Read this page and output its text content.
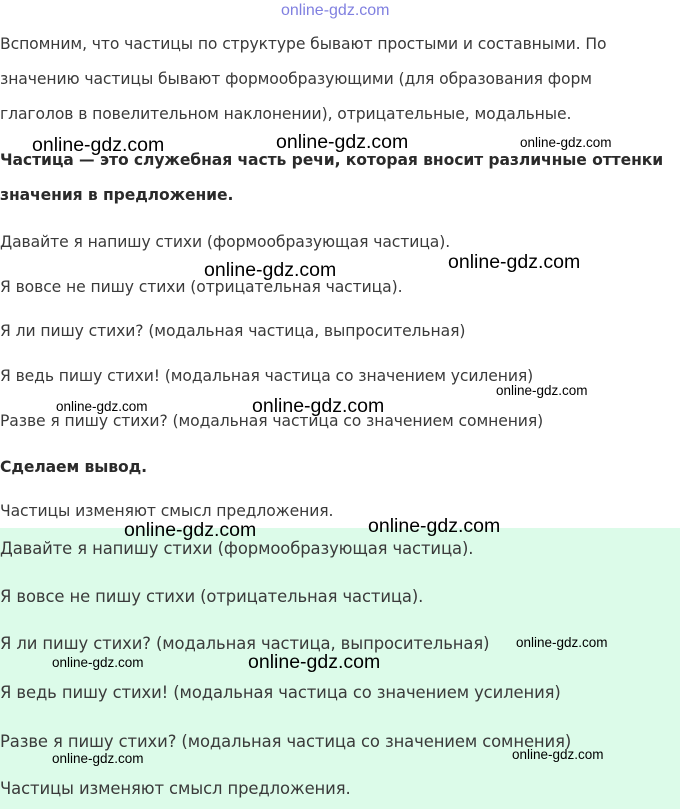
Вспомним, что частицы по структуре бывают простыми и составными. По

значению частицы бывают формообразующими (для образования форм

глаголов в повелительном наклонении), отрицательные, модальные.

Частица — это служебная часть речи, которая вносит различные оттенки

значения в предложение.

Давайте я напишу стихи (формообразующая частица).

Я вовсе не пишу стихи (отрицательная частица).

Я ли пишу стихи? (модальная частица, выпросительная)

Я ведь пишу стихи! (модальная частица со значением усиления)

Разве я пишу стихи? (модальная частица со значением сомнения)

Сделаем вывод.

Частицы изменяют смысл предложения.

Давайте я напишу стихи (формообразующая частица).

Я вовсе не пишу стихи (отрицательная частица).

Я ли пишу стихи? (модальная частица, выпросительная)

Я ведь пишу стихи! (модальная частица со значением усиления)

Разве я пишу стихи? (модальная частица со значением сомнения)

Частицы изменяют смысл предложения.

online-gdz.com
online-gdz.com	online-gdz.com	online-gdz.com
online-gdz.com	online-gdz.com
online-gdz.com
online-gdz.com	online-gdz.com
online-gdz.com	online-gdz.com
online-gdz.com
online-gdz.com	online-gdz.com
online-gdz.com	online-gdz.com
